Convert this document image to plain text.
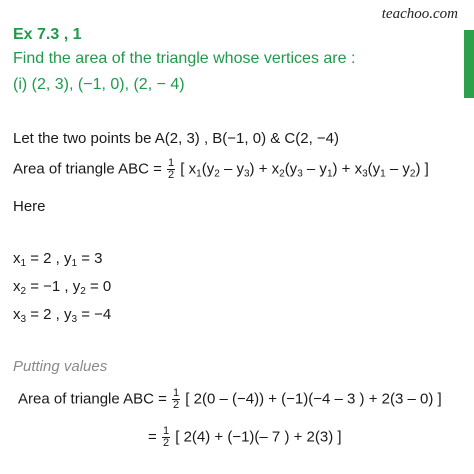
teachoo.com
Ex 7.3 , 1
Find the area of the triangle whose vertices are :
(i) (2, 3), (−1, 0), (2, − 4)
Let the two points be A(2, 3) , B(−1, 0) & C(2, −4)
Area of triangle ABC = $\frac{1}{2}$ [ $x_1(y_2 - y_3) + x_2(y_3 - y_1) + x_3(y_1 - y_2)$ ]
Here
$x_1 = 2$ , $y_1 = 3$
$x_2 = -1$ , $y_2 = 0$
$x_3 = 2$ , $y_3 = -4$
Putting values
Area of triangle ABC = $\frac{1}{2}$ [ 2(0 – (−4)) + (−1)(−4 – 3 ) + 2(3 – 0) ]
= $\frac{1}{2}$ [ 2(4) + (−1)(– 7 ) + 2(3) ]
